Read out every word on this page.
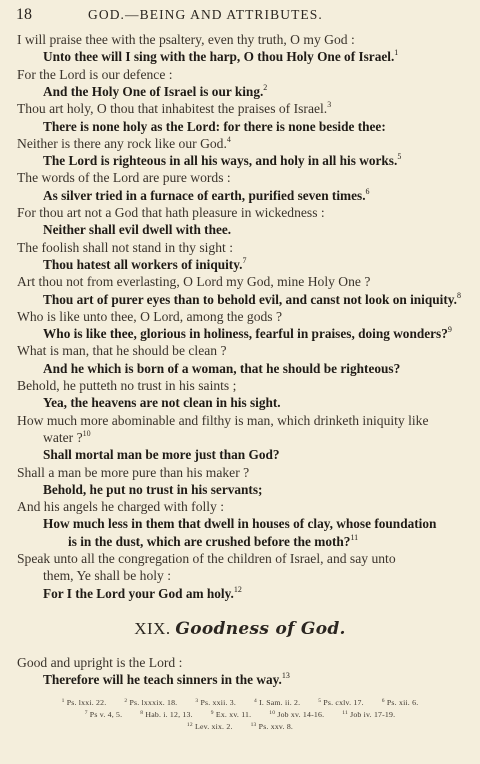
18	GOD.—BEING AND ATTRIBUTES.
I will praise thee with the psaltery, even thy truth, O my God :
Unto thee will I sing with the harp, O thou Holy One of Israel.$^1$
For the Lord is our defence :
And the Holy One of Israel is our king.$^2$
Thou art holy, O thou that inhabitest the praises of Israel.$^3$
There is none holy as the Lord: for there is none beside thee:
Neither is there any rock like our God.$^4$
The Lord is righteous in all his ways, and holy in all his works.$^5$
The words of the Lord are pure words :
As silver tried in a furnace of earth, purified seven times.$^6$
For thou art not a God that hath pleasure in wickedness :
Neither shall evil dwell with thee.
The foolish shall not stand in thy sight :
Thou hatest all workers of iniquity.$^7$
Art thou not from everlasting, O Lord my God, mine Holy One ?
Thou art of purer eyes than to behold evil, and canst not look on iniquity.$^8$
Who is like unto thee, O Lord, among the gods ?
Who is like thee, glorious in holiness, fearful in praises, doing wonders?$^9$
What is man, that he should be clean ?
And he which is born of a woman, that he should be righteous?
Behold, he putteth no trust in his saints ;
Yea, the heavens are not clean in his sight.
How much more abominable and filthy is man, which drinketh iniquity like
water ?$^{10}$
Shall mortal man be more just than God?
Shall a man be more pure than his maker ?
Behold, he put no trust in his servants;
And his angels he charged with folly :
How much less in them that dwell in houses of clay, whose foundation
is in the dust, which are crushed before the moth?$^{11}$
Speak unto all the congregation of the children of Israel, and say unto
them, Ye shall be holy :
For I the Lord your God am holy.$^{12}$
XIX. Goodness of God.
Good and upright is the Lord :
Therefore will he teach sinners in the way.$^{13}$
$^1$ Ps. lxxi. 22.	$^2$ Ps. lxxxix. 18.	$^3$ Ps. xxii. 3.	$^4$ I. Sam. ii. 2.	$^5$ Ps. cxlv. 17.	$^6$ Ps. xii. 6.
$^7$ Ps v. 4, 5.	$^8$ Hab. i. 12, 13.	$^9$ Ex. xv. 11.	$^{10}$ Job xv. 14-16.	$^{11}$ Job iv. 17-19.
$^{12}$ Lev. xix. 2.	$^{13}$ Ps. xxv. 8.
